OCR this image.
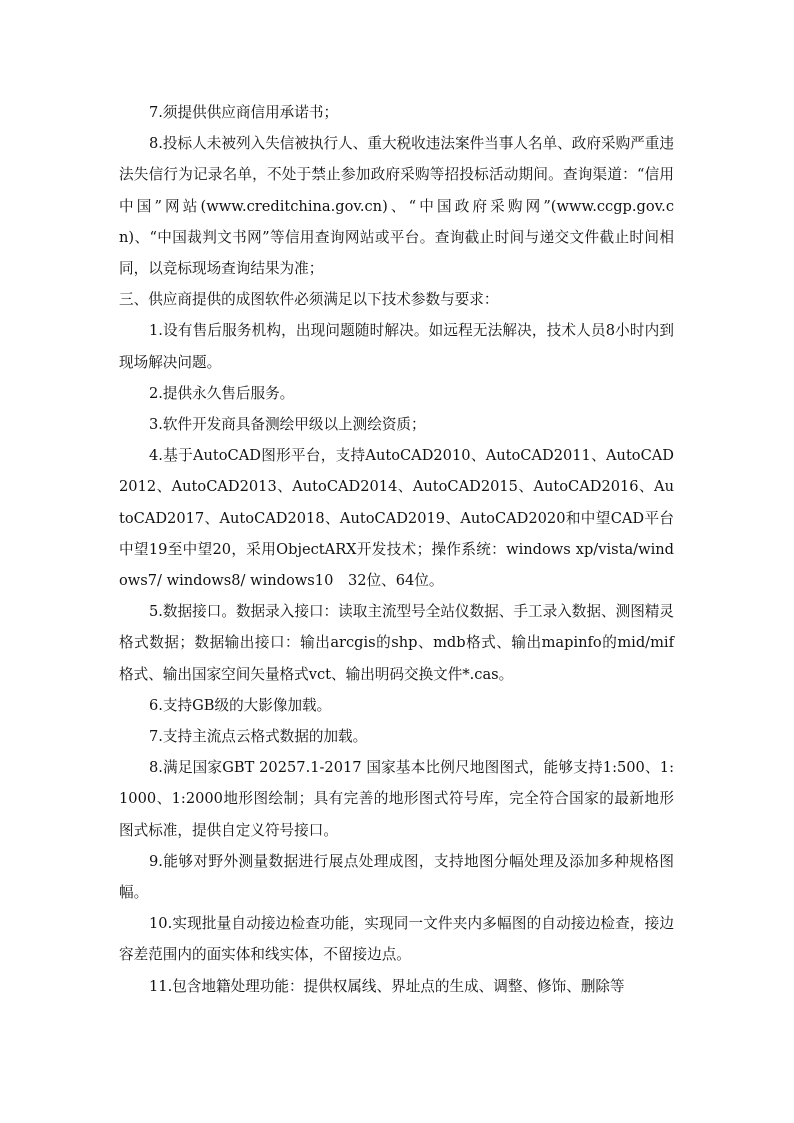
7.须提供供应商信用承诺书；

8.投标人未被列入失信被执行人、重大税收违法案件当事人名单、政府采购严重违法失信行为记录名单，不处于禁止参加政府采购等招投标活动期间。查询渠道：“信用中国”网站(www.creditchina.gov.cn)、“中国政府采购网”(www.ccgp.gov.cn)、“中国裁判文书网”等信用查询网站或平台。查询截止时间与递交文件截止时间相同，以竞标现场查询结果为准；

三、供应商提供的成图软件必须满足以下技术参数与要求：

1.设有售后服务机构，出现问题随时解决。如远程无法解决，技术人员8小时内到现场解决问题。

2.提供永久售后服务。

3.软件开发商具备测绘甲级以上测绘资质；

4.基于AutoCAD图形平台，支持AutoCAD2010、AutoCAD2011、AutoCAD2012、AutoCAD2013、AutoCAD2014、AutoCAD2015、AutoCAD2016、AutoCAD2017、AutoCAD2018、AutoCAD2019、AutoCAD2020和中望CAD平台中望19至中望20，采用ObjectARX开发技术；操作系统：windows xp/vista/windows7/ windows8/ windows10　32位、64位。

5.数据接口。数据录入接口：读取主流型号全站仪数据、手工录入数据、测图精灵格式数据；数据输出接口：输出arcgis的shp、mdb格式、输出mapinfo的mid/mif格式、输出国家空间矢量格式vct、输出明码交换文件*.cas。

6.支持GB级的大影像加载。

7.支持主流点云格式数据的加载。

8.满足国家GBT 20257.1-2017 国家基本比例尺地图图式，能够支持1:500、1:1000、1:2000地形图绘制；具有完善的地形图式符号库，完全符合国家的最新地形图式标准，提供自定义符号接口。

9.能够对野外测量数据进行展点处理成图，支持地图分幅处理及添加多种规格图幅。

10.实现批量自动接边检查功能，实现同一文件夹内多幅图的自动接边检查，接边容差范围内的面实体和线实体，不留接边点。

11.包含地籍处理功能：提供权属线、界址点的生成、调整、修饰、删除等
